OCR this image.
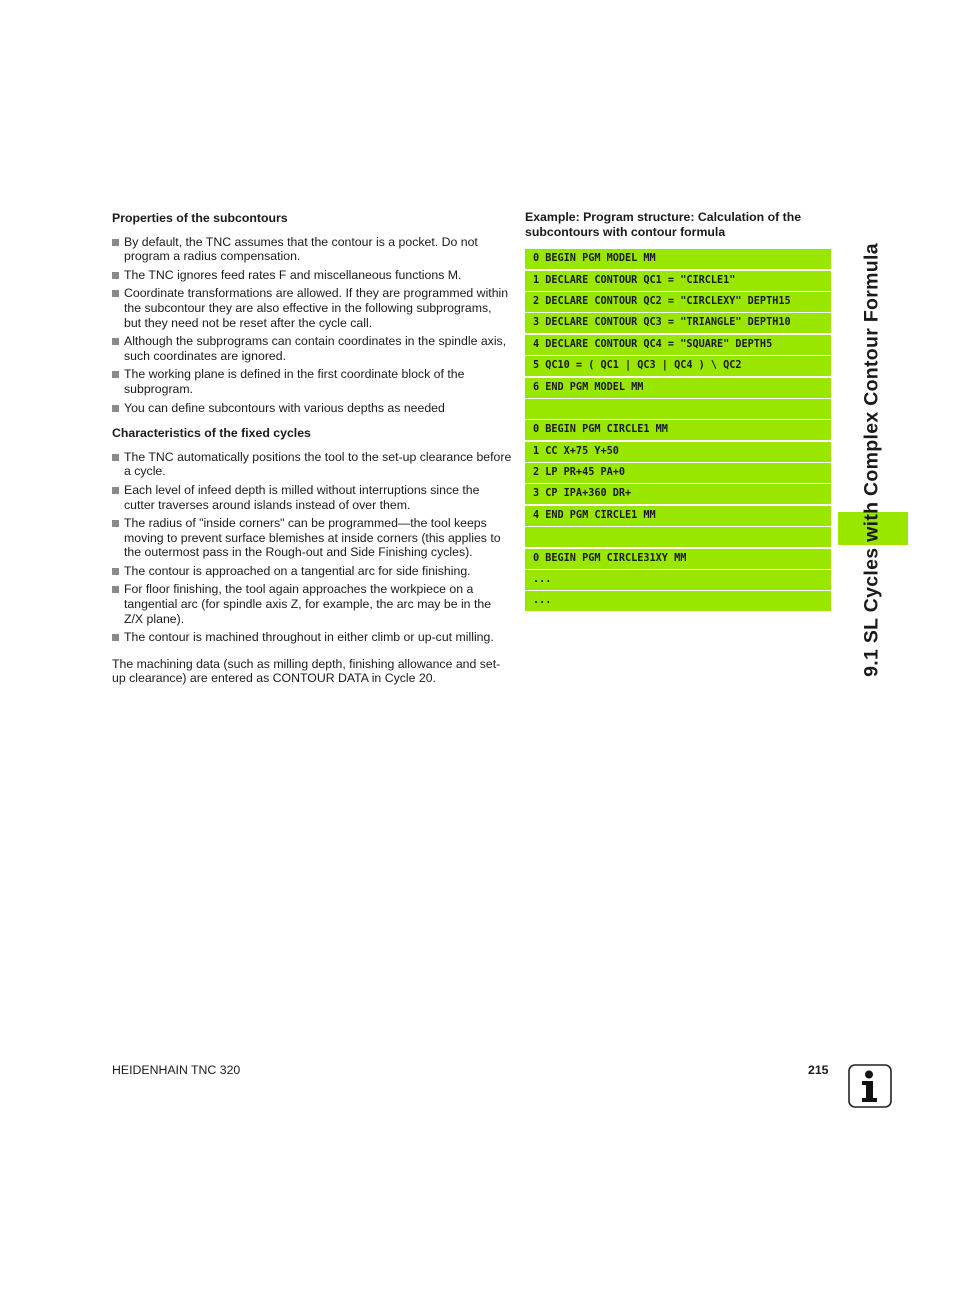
Properties of the subcontours
By default, the TNC assumes that the contour is a pocket. Do not program a radius compensation.
The TNC ignores feed rates F and miscellaneous functions M.
Coordinate transformations are allowed. If they are programmed within the subcontour they are also effective in the following subprograms, but they need not be reset after the cycle call.
Although the subprograms can contain coordinates in the spindle axis, such coordinates are ignored.
The working plane is defined in the first coordinate block of the subprogram.
You can define subcontours with various depths as needed
Characteristics of the fixed cycles
The TNC automatically positions the tool to the set-up clearance before a cycle.
Each level of infeed depth is milled without interruptions since the cutter traverses around islands instead of over them.
The radius of "inside corners" can be programmed—the tool keeps moving to prevent surface blemishes at inside corners (this applies to the outermost pass in the Rough-out and Side Finishing cycles).
The contour is approached on a tangential arc for side finishing.
For floor finishing, the tool again approaches the workpiece on a tangential arc (for spindle axis Z, for example, the arc may be in the Z/X plane).
The contour is machined throughout in either climb or up-cut milling.
The machining data (such as milling depth, finishing allowance and set-up clearance) are entered as CONTOUR DATA in Cycle 20.
Example: Program structure: Calculation of the subcontours with contour formula
0 BEGIN PGM MODEL MM
1 DECLARE CONTOUR QC1 = "CIRCLE1"
2 DECLARE CONTOUR QC2 = "CIRCLEXY" DEPTH15
3 DECLARE CONTOUR QC3 = "TRIANGLE" DEPTH10
4 DECLARE CONTOUR QC4 = "SQUARE" DEPTH5
5 QC10 = ( QC1 | QC3 | QC4 ) \ QC2
6 END PGM MODEL MM
0 BEGIN PGM CIRCLE1 MM
1 CC X+75 Y+50
2 LP PR+45 PA+0
3 CP IPA+360 DR+
4 END PGM CIRCLE1 MM
0 BEGIN PGM CIRCLE31XY MM
...
...	9.1 SL Cycles with Complex Contour Formula
HEIDENHAIN TNC 320	215
